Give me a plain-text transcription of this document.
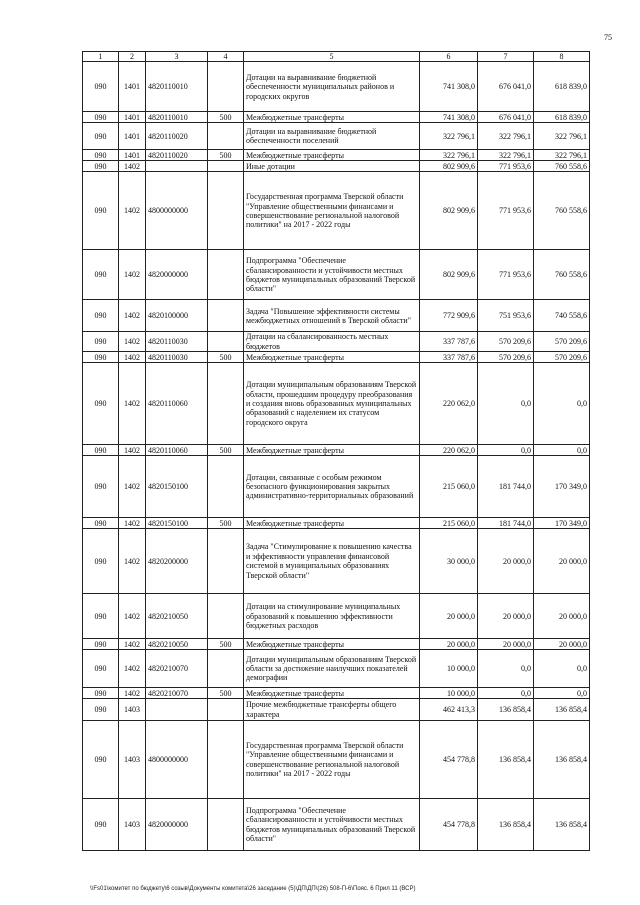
75
1	2	3	4	5	6	7	8
090	1401	4820110010		Дотации на выравнивание бюджетной обеспеченности муниципальных районов и городских округов	741 308,0	676 041,0	618 839,0
090	1401	4820110010	500	Межбюджетные трансферты	741 308,0	676 041,0	618 839,0
090	1401	4820110020		Дотации на выравнивание бюджетной обеспеченности поселений	322 796,1	322 796,1	322 796,1
090	1401	4820110020	500	Межбюджетные трансферты	322 796,1	322 796,1	322 796,1
090	1402			Иные дотации	802 909,6	771 953,6	760 558,6
090	1402	4800000000		Государственная программа Тверской области "Управление общественными финансами и совершенствование региональной налоговой политики" на 2017 - 2022 годы	802 909,6	771 953,6	760 558,6
090	1402	4820000000		Подпрограмма "Обеспечение сбалансированности и устойчивости местных бюджетов муниципальных образований Тверской области"	802 909,6	771 953,6	760 558,6
090	1402	4820100000		Задача "Повышение эффективности системы межбюджетных отношений в Тверской области"	772 909,6	751 953,6	740 558,6
090	1402	4820110030		Дотации на сбалансированность местных бюджетов	337 787,6	570 209,6	570 209,6
090	1402	4820110030	500	Межбюджетные трансферты	337 787,6	570 209,6	570 209,6
090	1402	4820110060		Дотации муниципальным образованиям Тверской области, прошедшим процедуру преобразования и создания вновь образованных муниципальных образований с наделением их статусом городского округа	220 062,0	0,0	0,0
090	1402	4820110060	500	Межбюджетные трансферты	220 062,0	0,0	0,0
090	1402	4820150100		Дотации, связанные с особым режимом безопасного функционирования закрытых административно-территориальных образований	215 060,0	181 744,0	170 349,0
090	1402	4820150100	500	Межбюджетные трансферты	215 060,0	181 744,0	170 349,0
090	1402	4820200000		Задача "Стимулирование к повышению качества и эффективности управления финансовой системой в муниципальных образованиях Тверской области"	30 000,0	20 000,0	20 000,0
090	1402	4820210050		Дотации на стимулирование муниципальных образований к повышению эффективности бюджетных расходов	20 000,0	20 000,0	20 000,0
090	1402	4820210050	500	Межбюджетные трансферты	20 000,0	20 000,0	20 000,0
090	1402	4820210070		Дотации муниципальным образованиям Тверской области за достижение наилучших показателей демографии	10 000,0	0,0	0,0
090	1402	4820210070	500	Межбюджетные трансферты	10 000,0	0,0	0,0
090	1403			Прочие межбюджетные трансферты общего характера	462 413,3	136 858,4	136 858,4
090	1403	4800000000		Государственная программа Тверской области "Управление общественными финансами и совершенствование региональной налоговой политики" на 2017 - 2022 годы	454 778,8	136 858,4	136 858,4
090	1403	4820000000		Подпрограмма "Обеспечение сбалансированности и устойчивости местных бюджетов муниципальных образований Тверской области"	454 778,8	136 858,4	136 858,4
\\Fs01\комитет по бюджету\6 созыв\Документы комитета\26 заседание (5)\ДП\ДП\(26) 508-П-6\Пояс. 6 Прил 11 (ВСР)
